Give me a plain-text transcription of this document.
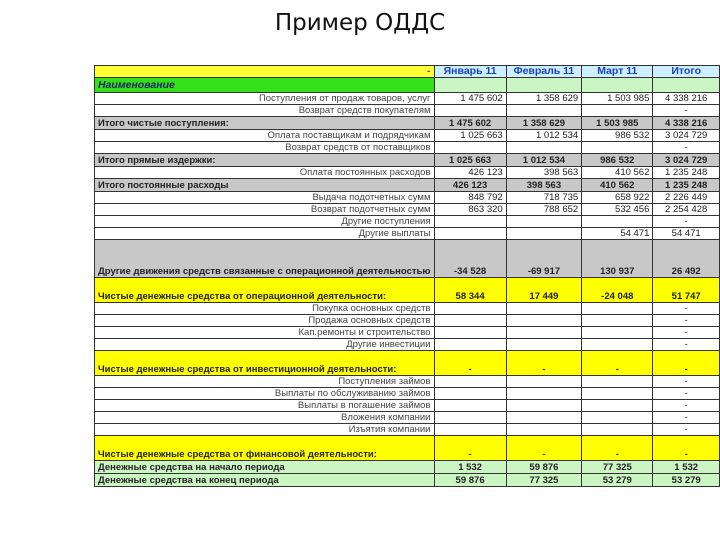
Пример ОДДС
-	Январь 11	Февраль 11	Март 11	Итого
Наименование				
Поступления от продаж товаров, услуг	1 475 602	1 358 629	1 503 985	4 338 216
Возврат средств покупателям				-
Итого чистые поступления:	1 475 602	1 358 629	1 503 985	4 338 216
Оплата поставщикам и подрядчикам	1 025 663	1 012 534	986 532	3 024 729
Возврат средств от поставщиков				-
Итого прямые издержки:	1 025 663	1 012 534	986 532	3 024 729
Оплата постоянных расходов	426 123	398 563	410 562	1 235 248
Итого постоянные расходы	426 123	398 563	410 562	1 235 248
Выдача подотчетных сумм	848 792	718 735	658 922	2 226 449
Возврат подотчетных сумм	863 320	788 652	532 456	2 254 428
Другие поступления				-
Другие выплаты			54 471	54 471
Другие движения средств связанные с операционной деятельностью	-34 528	-69 917	130 937	26 492
Чистые денежные средства от операционной деятельности:	58 344	17 449	-24 048	51 747
Покупка основных средств				-
Продажа основных средств				-
Кап.ремонты и строительство				-
Другие инвестиции				-
Чистые денежные средства от инвестиционной деятельности:	-	-	-	-
Поступления займов				-
Выплаты по обслуживанию займов				-
Выплаты в погашение займов				-
Вложения компании				-
Изъятия компании				-
Чистые денежные средства от финансовой деятельности:	-	-	-	-
Денежные средства на начало периода	1 532	59 876	77 325	1 532
Денежные средства на конец периода	59 876	77 325	53 279	53 279
